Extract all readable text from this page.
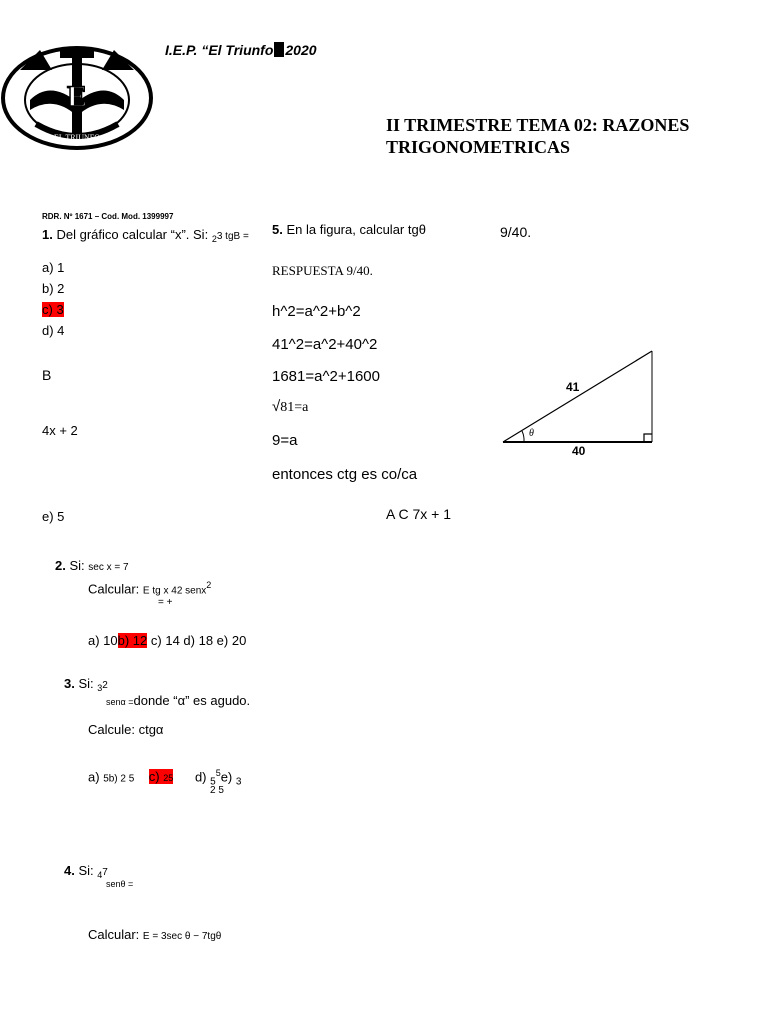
E
EL TRIUNFO
I.E.P. “El Triunfo 2020
II TRIMESTRE TEMA 02: RAZONES
TRIGONOMETRICAS
RDR. Nº 1671 – Cod. Mod. 1399997
1. Del gráfico calcular “x”. Si: $_2$3 tgB =
a) 1
b) 2
c) 3
d) 4
B
4x + 2
e) 5
5. En la figura, calcular tgθ	9/40.
RESPUESTA 9/40.
h^2=a^2+b^2
41^2=a^2+40^2
1681=a^2+1600
√81=a
9=a
entonces ctg es co/ca
A C 7x + 1
θ
41
40
2. Si: sec x = 7
Calcular: E tg x 42 senx$^2$
= +
a) 10b) 12 c) 14 d) 18 e) 20
3. Si: $_3$2
senα =donde “α” es agudo.
Calcule: ctgα
a) 5b) 2 5 c) 25 d) $_5^5$e) $_3$
2 5
4. Si: $_4$7
senθ =
Calcular: E = 3sec θ − 7tgθ
